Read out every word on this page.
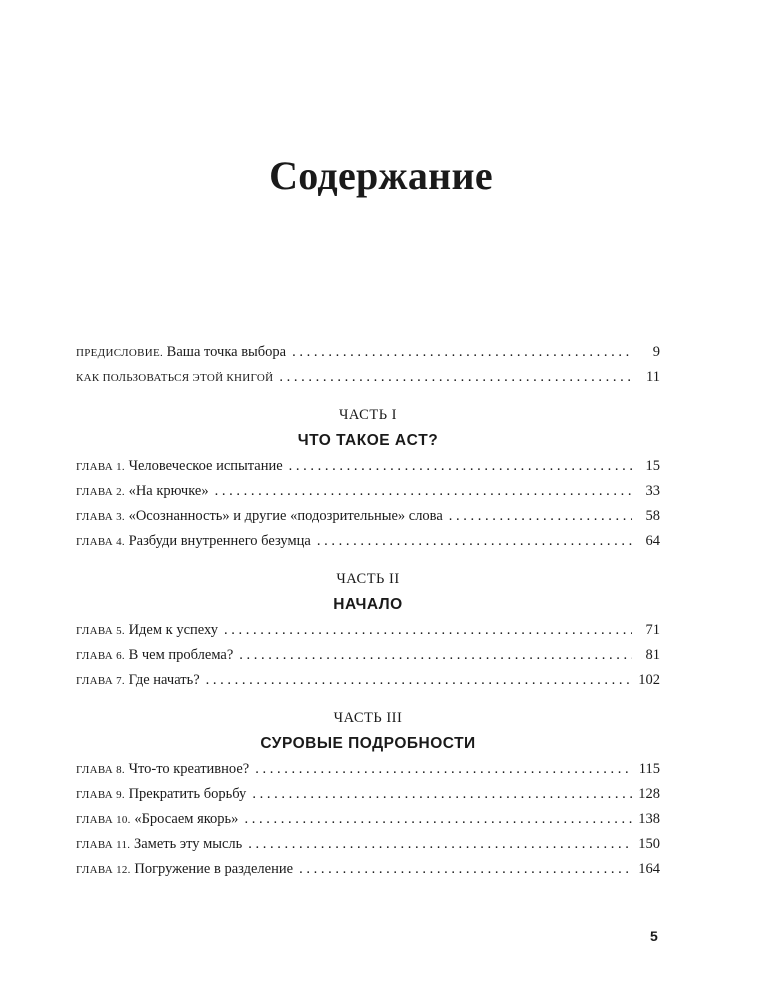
Содержание
ПРЕДИСЛОВИЕ. Ваша точка выбора . . .	9
КАК ПОЛЬЗОВАТЬСЯ ЭТОЙ КНИГОЙ . . .	11
ЧАСТЬ I
ЧТО ТАКОЕ ACT?
ГЛАВА 1. Человеческое испытание . . .	15
ГЛАВА 2. «На крючке» . . .	33
ГЛАВА 3. «Осознанность» и другие «подозрительные» слова . . .	58
ГЛАВА 4. Разбуди внутреннего безумца . . .	64
ЧАСТЬ II
НАЧАЛО
ГЛАВА 5. Идем к успеху . . .	71
ГЛАВА 6. В чем проблема? . . .	81
ГЛАВА 7. Где начать? . . .	102
ЧАСТЬ III
СУРОВЫЕ ПОДРОБНОСТИ
ГЛАВА 8. Что-то креативное? . . .	115
ГЛАВА 9. Прекратить борьбу . . .	128
ГЛАВА 10. «Бросаем якорь» . . .	138
ГЛАВА 11. Заметь эту мысль . . .	150
ГЛАВА 12. Погружение в разделение . . .	164
5
